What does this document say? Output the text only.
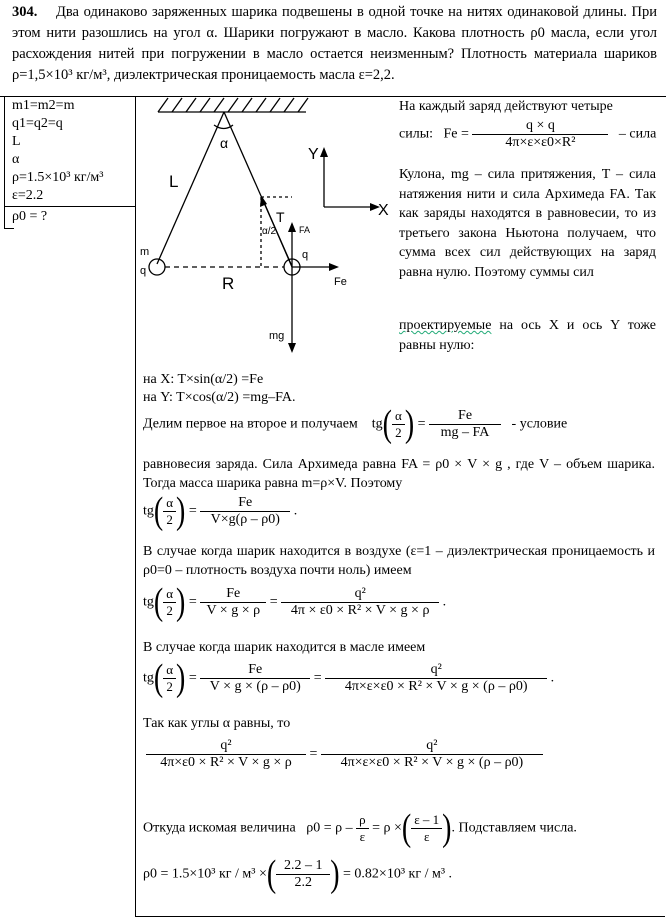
304. Два одинаково заряженных шарика подвешены в одной точке на нитях одинаковой длины. При этом нити разошлись на угол α. Шарики погружают в масло. Какова плотность ρ0 масла, если угол расхождения нитей при погружении в масло остается неизменным? Плотность материала шариков ρ=1,5×10³ кг/м³, диэлектрическая проницаемость масла ε=2,2.
m1=m2=m
q1=q2=q
L
α
ρ=1.5×10³ кг/м³
ε=2.2
ρ0 = ?
α
L
T
α/2	FA
m
q
q
R	Fe
mg
Y
X
На каждый заряд действуют четыре
силы: $Fe = \frac{q \times q}{\text{4π×ε×ε0×R²}}$ – сила
Кулона, mg – сила притяжения, T – сила натяжения нити и сила Архимеда FA. Так как заряды находятся в равновесии, то из третьего закона Ньютона получаем, что сумма всех сил действующих на заряд равна нулю. Поэтому суммы сил
проектируемые на ось X и ось Y тоже равны нулю:
на X: T×sin(α/2) =Fe
на Y: T×cos(α/2) =mg–FA.
Делим первое на второе и получаем    $tg( \frac{\alpha}{2}$ ) = $\frac{Fe}{mg - FA}$ - условие
равновесия заряда. Сила Архимеда равна FA = ρ0 × V × g , где V – объем шарика. Тогда масса шарика равна m=ρ×V. Поэтому
$tg( \frac{\alpha}{2}$ ) = $\frac{Fe}{V\times g(\rho - \rho 0)}$ .
В случае когда шарик находится в воздухе (ε=1 – диэлектрическая проницаемость и ρ0=0 – плотность воздуха почти ноль) имеем
$tg( \frac{\alpha}{2}$ ) = $\frac{Fe}{V \times g \times \rho} = \frac{\text{q²}}{\text{4π × ε0 × R² × V × g × ρ}}$ .
В случае когда шарик находится в масле имеем
$tg( \frac{\alpha}{2}$ ) = $\frac{Fe}{V \times g \times (\rho - \rho 0)} = \frac{\text{q²}}{\text{4π×ε×ε0 × R² × V × g × (ρ – ρ0)}}$ .
Так как углы α равны, то
$\frac{\text{q²}}{\text{4π×ε0 × R² × V × g × ρ}} = \frac{\text{q²}}{\text{4π×ε×ε0 × R² × V × g × (ρ – ρ0)}}$
Откуда искомая величина   $\rho 0 = \rho - \frac{\rho}{\varepsilon} = \rho$ ×( $\frac{\varepsilon - 1}{\varepsilon}$ ). Подставляем числа.
ρ0 = 1.5×10³ кг / м³ ×( $\frac{2.2 - 1}{2.2}$ ) = 0.82×10³ кг / м³ .
